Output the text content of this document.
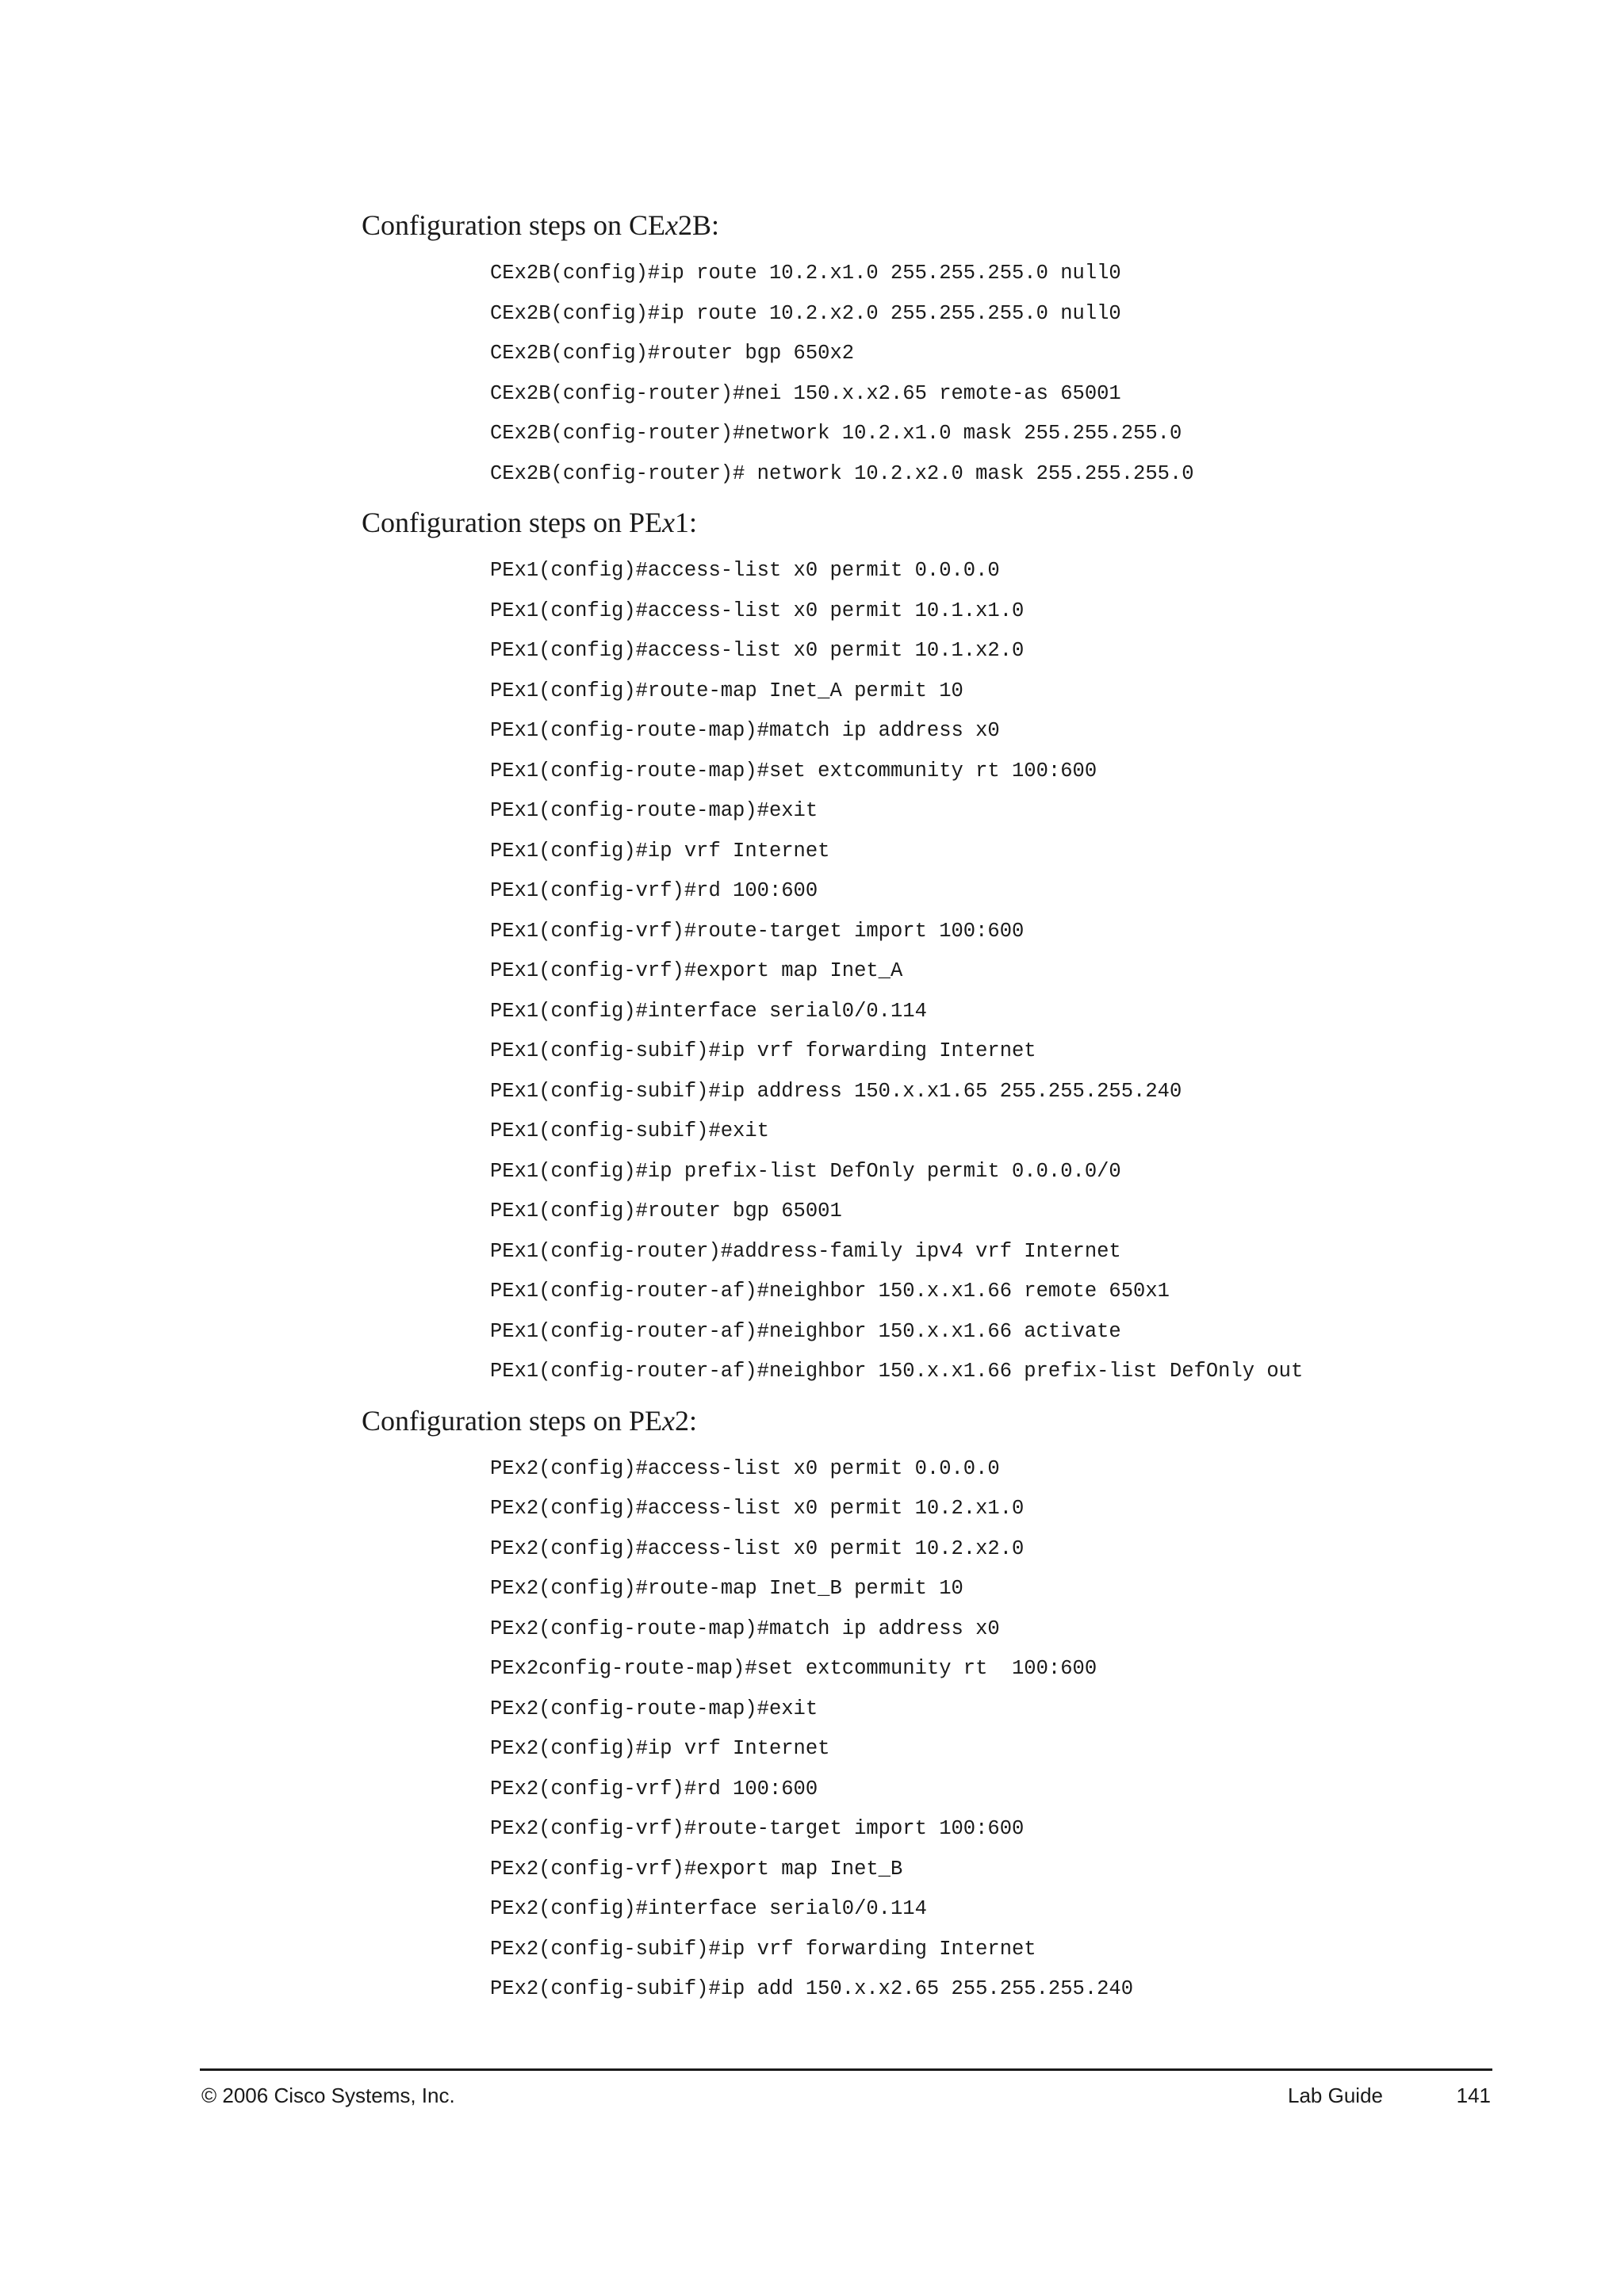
Configuration steps on CEx2B:
CEx2B(config)#ip route 10.2.x1.0 255.255.255.0 null0
CEx2B(config)#ip route 10.2.x2.0 255.255.255.0 null0
CEx2B(config)#router bgp 650x2
CEx2B(config-router)#nei 150.x.x2.65 remote-as 65001
CEx2B(config-router)#network 10.2.x1.0 mask 255.255.255.0
CEx2B(config-router)# network 10.2.x2.0 mask 255.255.255.0
Configuration steps on PEx1:
PEx1(config)#access-list x0 permit 0.0.0.0
PEx1(config)#access-list x0 permit 10.1.x1.0
PEx1(config)#access-list x0 permit 10.1.x2.0
PEx1(config)#route-map Inet_A permit 10
PEx1(config-route-map)#match ip address x0
PEx1(config-route-map)#set extcommunity rt 100:600
PEx1(config-route-map)#exit
PEx1(config)#ip vrf Internet
PEx1(config-vrf)#rd 100:600
PEx1(config-vrf)#route-target import 100:600
PEx1(config-vrf)#export map Inet_A
PEx1(config)#interface serial0/0.114
PEx1(config-subif)#ip vrf forwarding Internet
PEx1(config-subif)#ip address 150.x.x1.65 255.255.255.240
PEx1(config-subif)#exit
PEx1(config)#ip prefix-list DefOnly permit 0.0.0.0/0
PEx1(config)#router bgp 65001
PEx1(config-router)#address-family ipv4 vrf Internet
PEx1(config-router-af)#neighbor 150.x.x1.66 remote 650x1
PEx1(config-router-af)#neighbor 150.x.x1.66 activate
PEx1(config-router-af)#neighbor 150.x.x1.66 prefix-list DefOnly out
Configuration steps on PEx2:
PEx2(config)#access-list x0 permit 0.0.0.0
PEx2(config)#access-list x0 permit 10.2.x1.0
PEx2(config)#access-list x0 permit 10.2.x2.0
PEx2(config)#route-map Inet_B permit 10
PEx2(config-route-map)#match ip address x0
PEx2config-route-map)#set extcommunity rt  100:600
PEx2(config-route-map)#exit
PEx2(config)#ip vrf Internet
PEx2(config-vrf)#rd 100:600
PEx2(config-vrf)#route-target import 100:600
PEx2(config-vrf)#export map Inet_B
PEx2(config)#interface serial0/0.114
PEx2(config-subif)#ip vrf forwarding Internet
PEx2(config-subif)#ip add 150.x.x2.65 255.255.255.240
© 2006 Cisco Systems, Inc.	Lab Guide	141
